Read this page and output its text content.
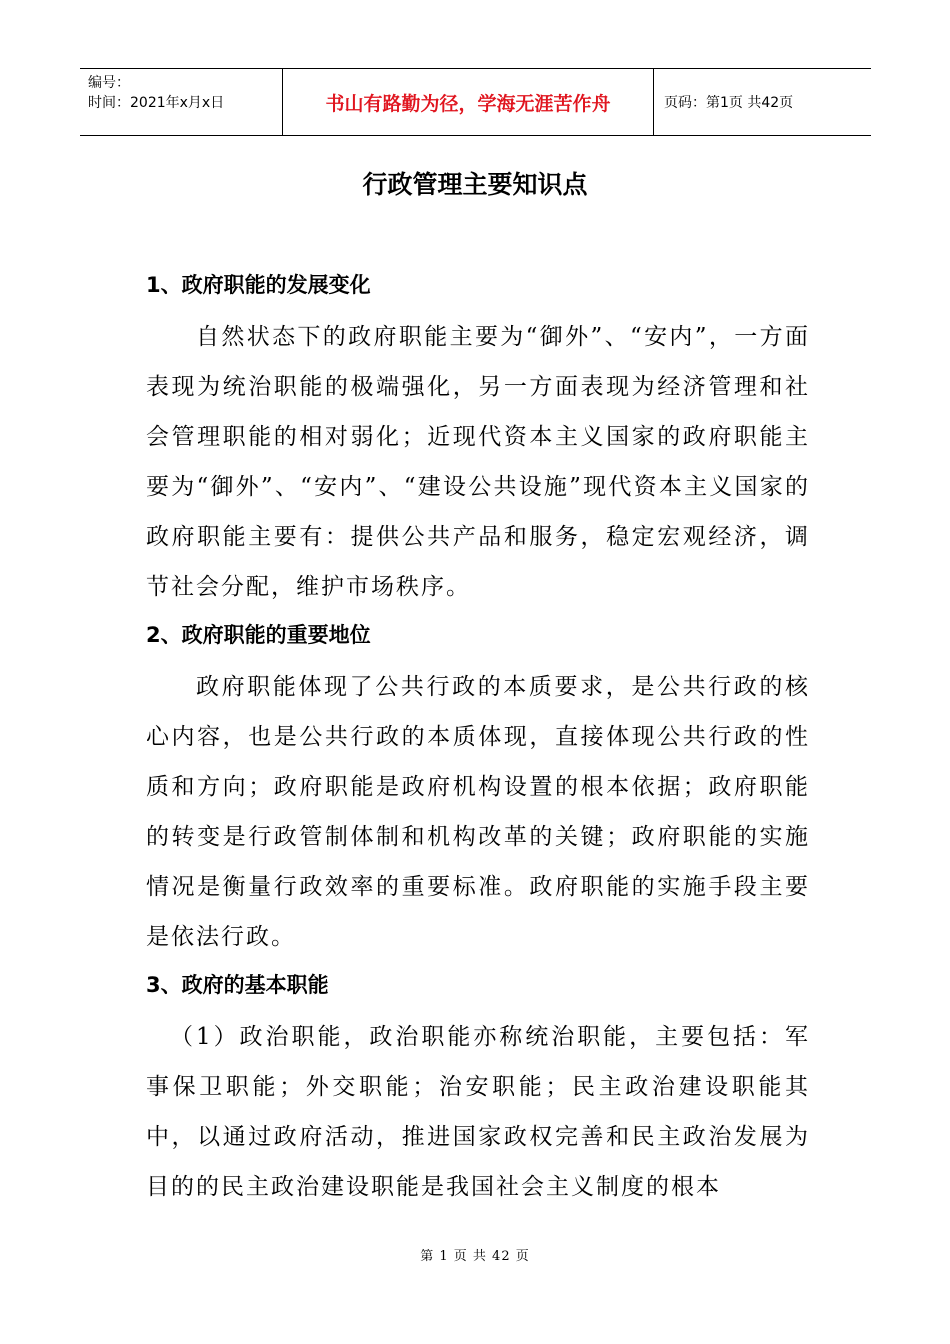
编号：
时间：2021年x月x日	书山有路勤为径，学海无涯苦作舟	页码：第1页 共42页
行政管理主要知识点
1、政府职能的发展变化

自然状态下的政府职能主要为“御外”、“安内”，一方面表现为统治职能的极端强化，另一方面表现为经济管理和社会管理职能的相对弱化；近现代资本主义国家的政府职能主要为“御外”、“安内”、“建设公共设施”现代资本主义国家的政府职能主要有：提供公共产品和服务，稳定宏观经济，调节社会分配，维护市场秩序。

2、政府职能的重要地位

政府职能体现了公共行政的本质要求，是公共行政的核心内容，也是公共行政的本质体现，直接体现公共行政的性质和方向；政府职能是政府机构设置的根本依据；政府职能的转变是行政管制体制和机构改革的关键；政府职能的实施情况是衡量行政效率的重要标准。政府职能的实施手段主要是依法行政。

3、政府的基本职能

（1）政治职能，政治职能亦称统治职能，主要包括：军事保卫职能；外交职能；治安职能；民主政治建设职能其中，以通过政府活动，推进国家政权完善和民主政治发展为目的的民主政治建设职能是我国社会主义制度的根本

第 1 页 共 42 页
